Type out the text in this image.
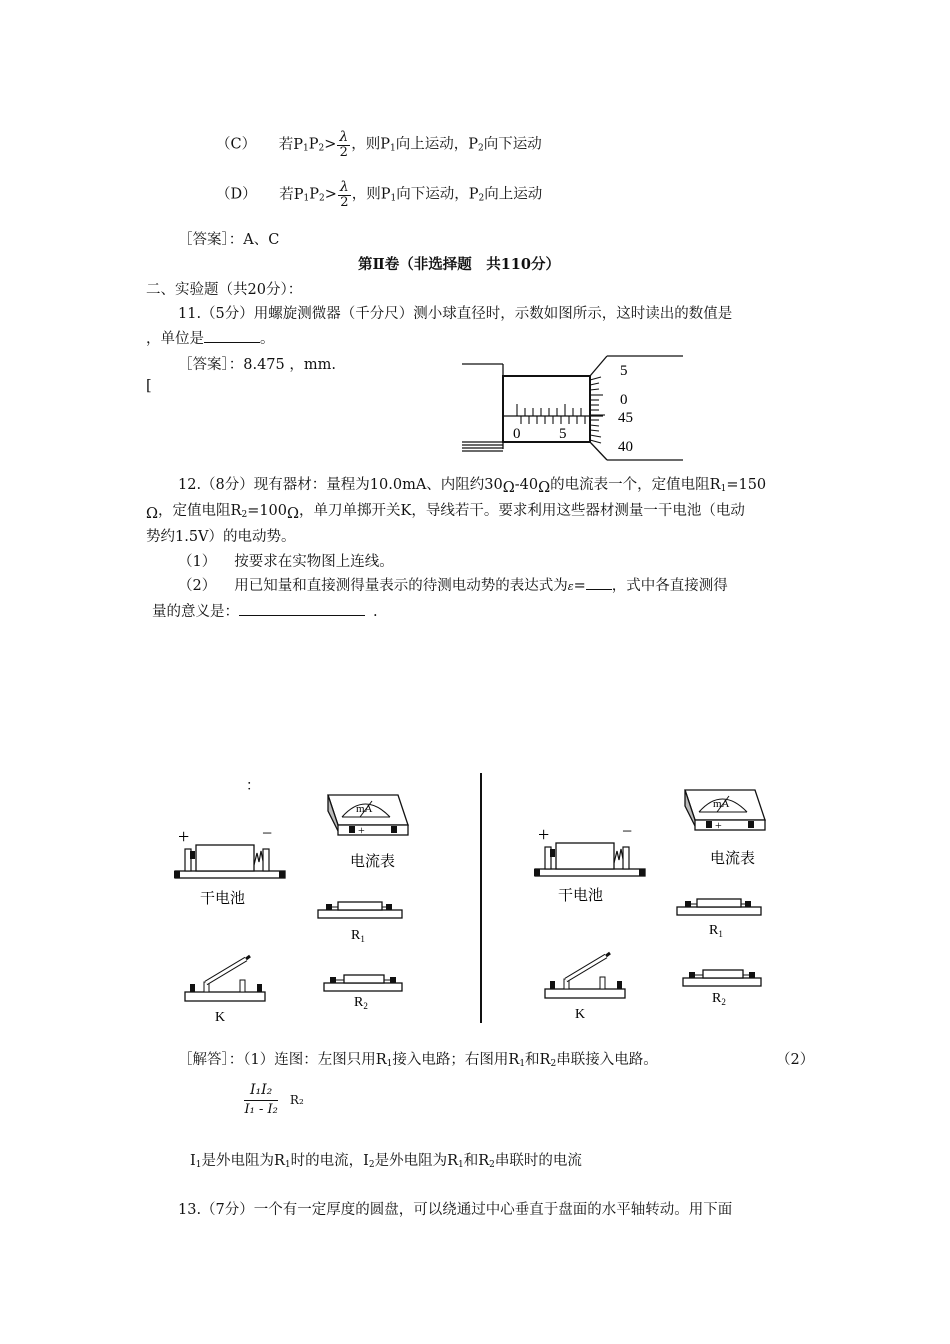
（C） 若$P_1P_2> \frac{\lambda}{2}$ ，则$P_1$向上运动，$P_2$向下运动
（D） 若$P_1P_2> \frac{\lambda}{2}$ ，则$P_1$向下运动，$P_2$向上运动
［答案］：A、C
第Ⅱ卷（非选择题　共110分）
二、实验题（共20分）：
11.（5分）用螺旋测微器（千分尺）测小球直径时，示数如图所示，这时读出的数值是
，单位是	。
［答案］：8.475 ，mm.
[
0	5
5
0
45
40
12.（8分）现有器材：量程为10.0mA、内阻约30Ω-40Ω的电流表一个，定值电阻$R_1=150$
Ω，定值电阻$R_2=100\Omega$，单刀单掷开关K，导线若干。要求利用这些器材测量一干电池（电动
势约1.5V）的电动势。
（1） 按要求在实物图上连线。
（2） 用已知量和直接测得量表示的待测电动势的表达式为ε= ，式中各直接测得
量的意义是：	.
：
+	−
干电池
mA
+
电流表
$R_1$
K
$R_2$
+	−
干电池
mA
+
电流表
$R_1$
K
$R_2$
［解答］：（1）连图：左图只用$R_1$接入电路；右图用$R_1$和$R_2$串联接入电路。	（2）
$\frac{\text{I₁I₂}}{\text{I₁ - I₂}} R_2$
$I_1$是外电阻为$R_1$时的电流，$I_2$是外电阻为$R_1$和$R_2$串联时的电流
13.（7分）一个有一定厚度的圆盘，可以绕通过中心垂直于盘面的水平轴转动。用下面
